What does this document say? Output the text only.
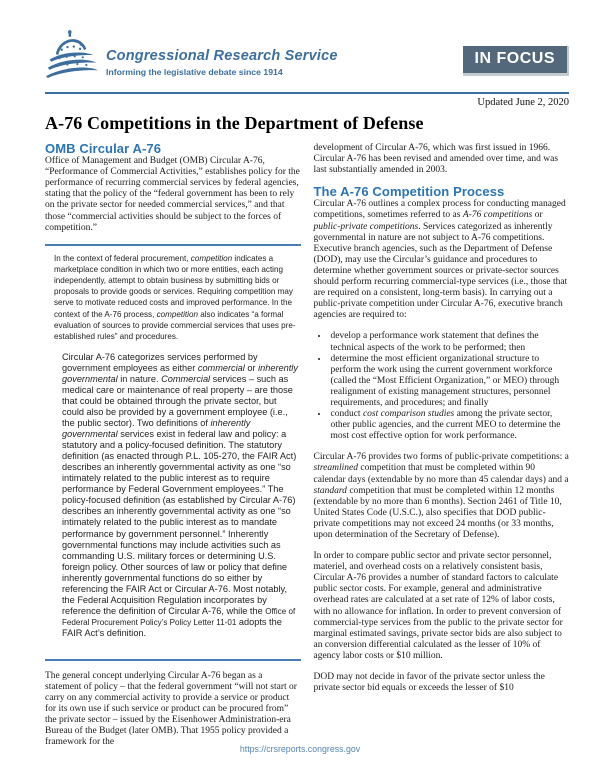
Congressional Research Service
Informing the legislative debate since 1914
IN FOCUS
Updated June 2, 2020
A-76 Competitions in the Department of Defense
OMB Circular A-76

Office of Management and Budget (OMB) Circular A-76, “Performance of Commercial Activities,” establishes policy for the performance of recurring commercial services by federal agencies, stating that the policy of the “federal government has been to rely on the private sector for needed commercial services,” and that those “commercial activities should be subject to the forces of competition.”

In the context of federal procurement, competition indicates a marketplace condition in which two or more entities, each acting independently, attempt to obtain business by submitting bids or proposals to provide goods or services. Requiring competition may serve to motivate reduced costs and improved performance. In the context of the A-76 process, competition also indicates “a formal evaluation of sources to provide commercial services that uses pre-established rules” and procedures.

Circular A-76 categorizes services performed by government employees as either commercial or inherently governmental in nature. Commercial services – such as medical care or maintenance of real property – are those that could be obtained through the private sector, but could also be provided by a government employee (i.e., the public sector). Two definitions of inherently governmental services exist in federal law and policy: a statutory and a policy-focused definition. The statutory definition (as enacted through P.L. 105-270, the FAIR Act) describes an inherently governmental activity as one “so intimately related to the public interest as to require performance by Federal Government employees.” The policy-focused definition (as established by Circular A-76) describes an inherently governmental activity as one “so intimately related to the public interest as to mandate performance by government personnel.” Inherently governmental functions may include activities such as commanding U.S. military forces or determining U.S. foreign policy. Other sources of law or policy that define inherently governmental functions do so either by referencing the FAIR Act or Circular A-76. Most notably, the Federal Acquisition Regulation incorporates by reference the definition of Circular A-76, while the Office of Federal Procurement Policy’s Policy Letter 11-01 adopts the FAIR Act’s definition.

The general concept underlying Circular A-76 began as a statement of policy – that the federal government “will not start or carry on any commercial activity to provide a service or product for its own use if such service or product can be procured from” the private sector – issued by the Eisenhower Administration-era Bureau of the Budget (later OMB). That 1955 policy provided a framework for the

development of Circular A-76, which was first issued in 1966. Circular A-76 has been revised and amended over time, and was last substantially amended in 2003.

The A-76 Competition Process

Circular A-76 outlines a complex process for conducting managed competitions, sometimes referred to as A-76 competitions or public-private competitions. Services categorized as inherently governmental in nature are not subject to A-76 competitions. Executive branch agencies, such as the Department of Defense (DOD), may use the Circular’s guidance and procedures to determine whether government sources or private-sector sources should perform recurring commercial-type services (i.e., those that are required on a consistent, long-term basis). In carrying out a public-private competition under Circular A-76, executive branch agencies are required to:

• develop a performance work statement that defines the technical aspects of the work to be performed; then
• determine the most efficient organizational structure to perform the work using the current government workforce (called the “Most Efficient Organization,” or MEO) through realignment of existing management structures, personnel requirements, and procedures; and finally
• conduct cost comparison studies among the private sector, other public agencies, and the current MEO to determine the most cost effective option for work performance.

Circular A-76 provides two forms of public-private competitions: a streamlined competition that must be completed within 90 calendar days (extendable by no more than 45 calendar days) and a standard competition that must be completed within 12 months (extendable by no more than 6 months). Section 2461 of Title 10, United States Code (U.S.C.), also specifies that DOD public-private competitions may not exceed 24 months (or 33 months, upon determination of the Secretary of Defense).

In order to compare public sector and private sector personnel, materiel, and overhead costs on a relatively consistent basis, Circular A-76 provides a number of standard factors to calculate public sector costs. For example, general and administrative overhead rates are calculated at a set rate of 12% of labor costs, with no allowance for inflation. In order to prevent conversion of commercial-type services from the public to the private sector for marginal estimated savings, private sector bids are also subject to an conversion differential calculated as the lesser of 10% of agency labor costs or $10 million.

DOD may not decide in favor of the private sector unless the private sector bid equals or exceeds the lesser of $10

https://crsreports.congress.gov
